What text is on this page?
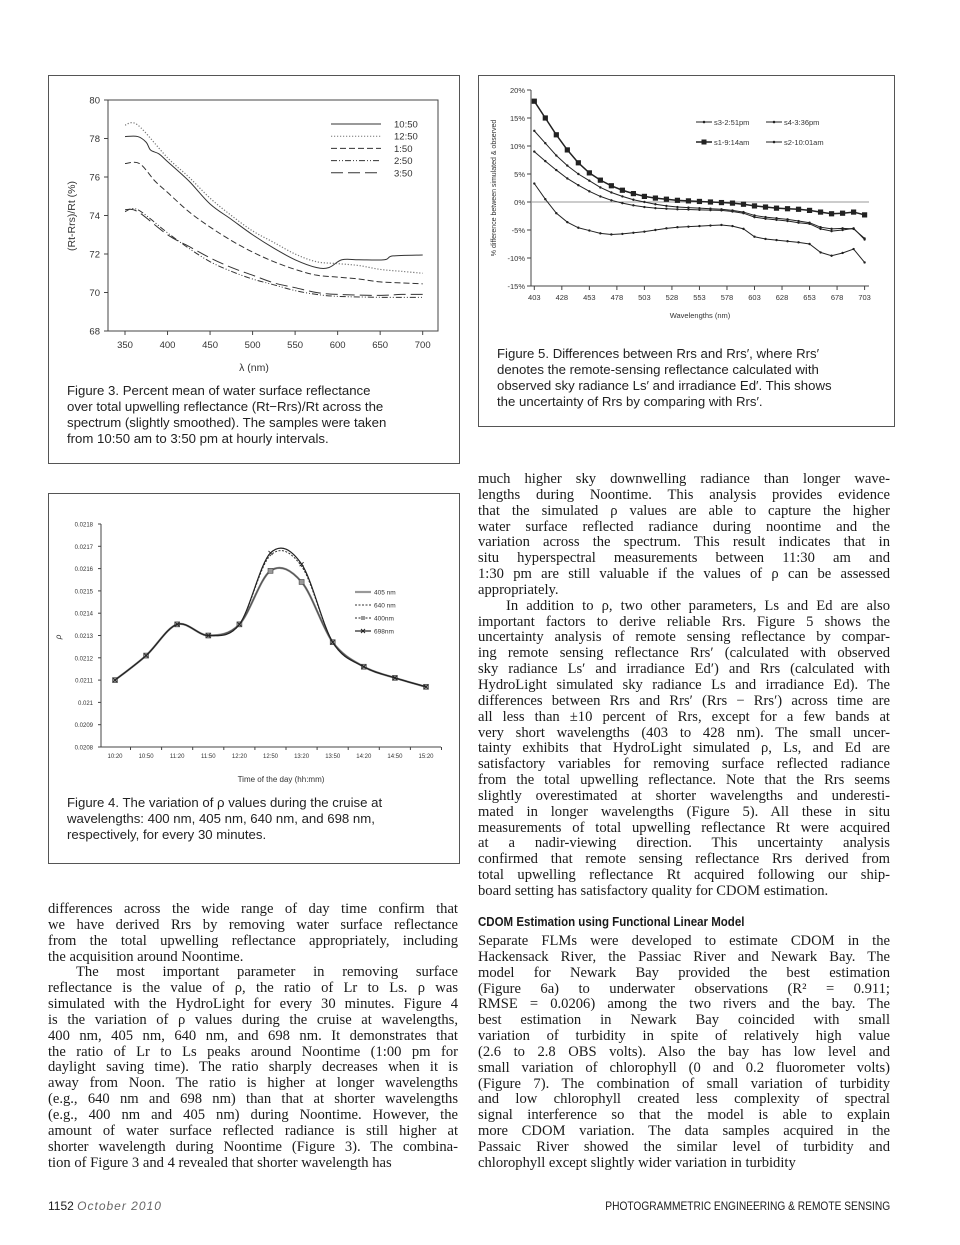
68
70
72
74
76
78
80
350	400	450	500	550	600	650	700
λ (nm)
(Rt-Rrs)/Rt (%)
10:50
12:50
1:50
2:50
3:50
Figure 3. Percent mean of water surface reflectance
over total upwelling reflectance (Rt−Rrs)/Rt across the
spectrum (slightly smoothed). The samples were taken
from 10:50 am to 3:50 pm at hourly intervals.
-15%
-10%
-5%
0%
5%
10%
15%
20%
403 428 453 478 503 528 553 578 603 628 653 678 703
Wavelengths (nm)
% difference between simulated & observed	s3-2:51pm	s4-3:36pm
s1-9:14am	s2-10:01am
Figure 5. Differences between Rrs and Rrs′, where Rrs′
denotes the remote-sensing reflectance calculated with
observed sky radiance Ls′ and irradiance Ed′. This shows
the uncertainty of Rrs by comparing with Rrs′.
0.0208
0.0209
0.021
0.0211
0.0212
0.0213
0.0214
0.0215
0.0216
0.0217
0.0218
10:20	10:50	11:20	11:50	12:20	12:50	13:20	13:50	14:20	14:50	15:20
Time of the day (hh:mm)
ρ
405 nm
640 nm
400nm
698nm
Figure 4. The variation of ρ values during the cruise at
wavelengths: 400 nm, 405 nm, 640 nm, and 698 nm,
respectively, for every 30 minutes.
differences across the wide range of day time confirm that
we have derived Rrs by removing water surface reflectance
from the total upwelling reflectance appropriately, including
the acquisition around Noontime.
The most important parameter in removing surface
reflectance is the value of ρ, the ratio of Lr to Ls. ρ was
simulated with the HydroLight for every 30 minutes. Figure 4
is the variation of ρ values during the cruise at wavelengths,
400 nm, 405 nm, 640 nm, and 698 nm. It demonstrates that
the ratio of Lr to Ls peaks around Noontime (1:00 pm for
daylight saving time). The ratio sharply decreases when it is
away from Noon. The ratio is higher at longer wavelengths
(e.g., 640 nm and 698 nm) than that at shorter wavelengths
(e.g., 400 nm and 405 nm) during Noontime. However, the
amount of water surface reflected radiance is still higher at
shorter wavelength during Noontime (Figure 3). The combina-
tion of Figure 3 and 4 revealed that shorter wavelength has
much higher sky downwelling radiance than longer wave-
lengths during Noontime. This analysis provides evidence
that the simulated ρ values are able to capture the higher
water surface reflected radiance during noontime and the
variation across the spectrum. This result indicates that in
situ hyperspectral measurements between 11:30 am and
1:30 pm are still valuable if the values of ρ can be assessed
appropriately.
In addition to ρ, two other parameters, Ls and Ed are also
important factors to derive reliable Rrs. Figure 5 shows the
uncertainty analysis of remote sensing reflectance by compar-
ing remote sensing reflectance Rrs′ (calculated with observed
sky radiance Ls′ and irradiance Ed′) and Rrs (calculated with
HydroLight simulated sky radiance Ls and irradiance Ed). The
differences between Rrs and Rrs′ (Rrs − Rrs′) across time are
all less than ±10 percent of Rrs, except for a few bands at
very short wavelengths (403 to 428 nm). The small uncer-
tainty exhibits that HydroLight simulated ρ, Ls, and Ed are
satisfactory variables for removing surface reflected radiance
from the total upwelling reflectance. Note that the Rrs seems
slightly overestimated at shorter wavelengths and underesti-
mated in longer wavelengths (Figure 5). All these in situ
measurements of total upwelling reflectance Rt were acquired
at a nadir-viewing direction. This uncertainty analysis
confirmed that remote sensing reflectance Rrs derived from
total upwelling reflectance Rt acquired following our ship-
board setting has satisfactory quality for CDOM estimation.
CDOM Estimation using Functional Linear Model
Separate FLMs were developed to estimate CDOM in the
Hackensack River, the Passiac River and Newark Bay. The
model for Newark Bay provided the best estimation
(Figure 6a) to underwater observations (R² = 0.911;
RMSE = 0.0206) among the two rivers and the bay. The
best estimation in Newark Bay coincided with small
variation of turbidity in spite of relatively high value
(2.6 to 2.8 OBS volts). Also the bay has low level and
small variation of chlorophyll (0 and 0.2 fluorometer volts)
(Figure 7). The combination of small variation of turbidity
and low chlorophyll created less complexity of spectral
signal interference so that the model is able to explain
more CDOM variation. The data samples acquired in the
Passaic River showed the similar level of turbidity and
chlorophyll except slightly wider variation in turbidity
1152 October 2010	PHOTOGRAMMETRIC ENGINEERING & REMOTE SENSING
